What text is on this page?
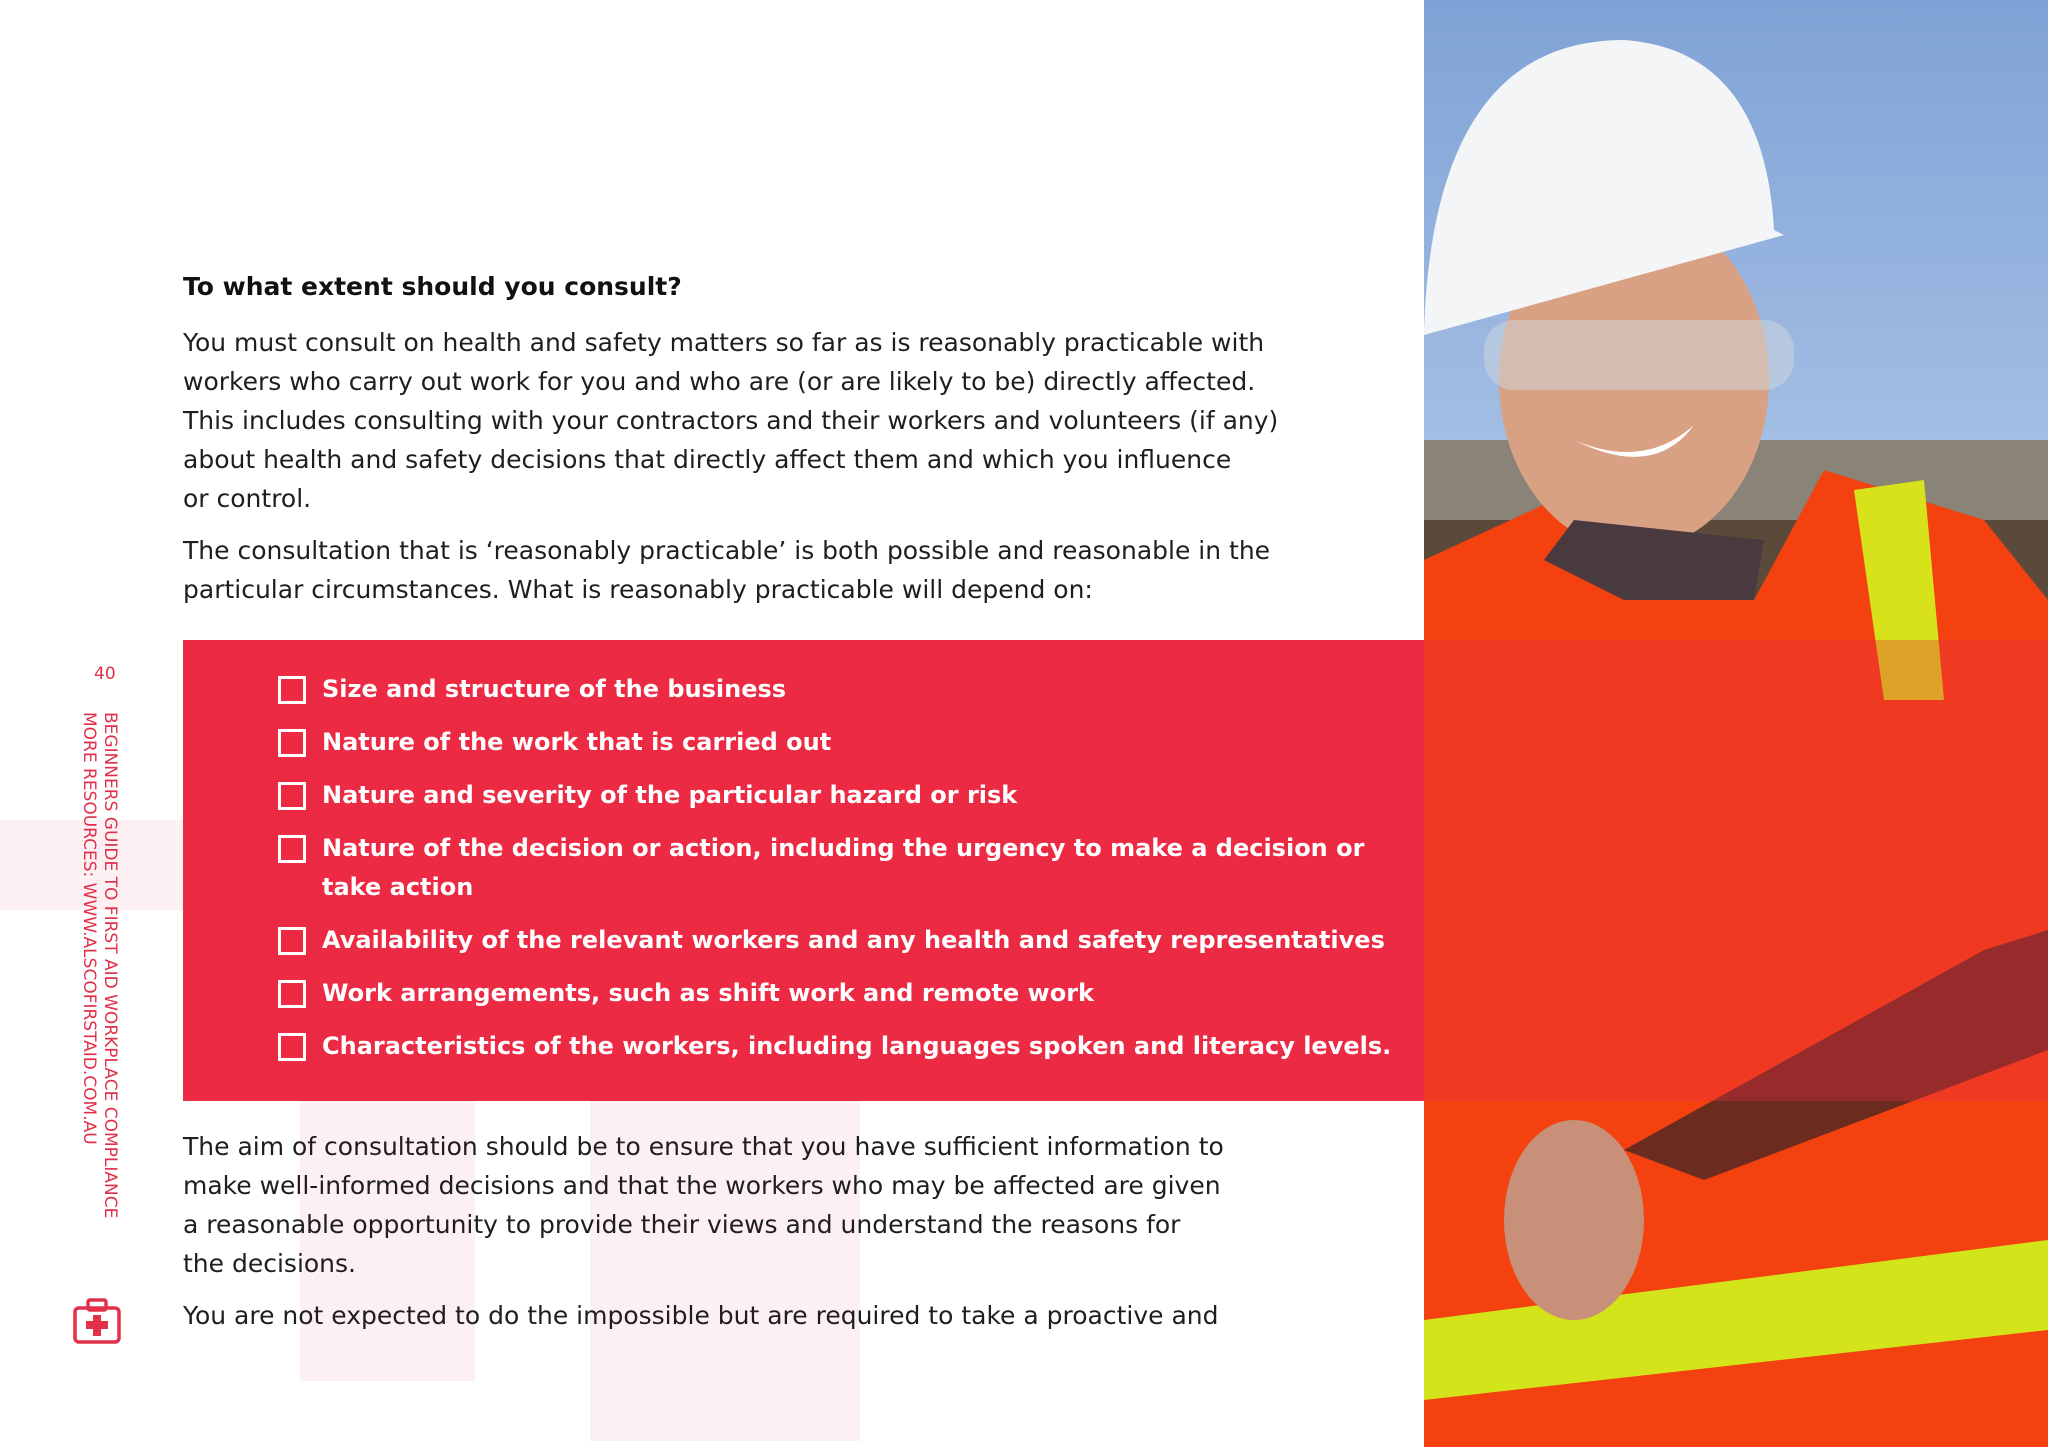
To what extent should you consult?
You must consult on health and safety matters so far as is reasonably practicable with
workers who carry out work for you and who are (or are likely to be) directly affected.
This includes consulting with your contractors and their workers and volunteers (if any)
about health and safety decisions that directly affect them and which you influence
or control.
The consultation that is ‘reasonably practicable’ is both possible and reasonable in the
particular circumstances. What is reasonably practicable will depend on:
Size and structure of the business
Nature of the work that is carried out
Nature and severity of the particular hazard or risk
Nature of the decision or action, including the urgency to make a decision or
take action
Availability of the relevant workers and any health and safety representatives
Work arrangements, such as shift work and remote work
Characteristics of the workers, including languages spoken and literacy levels.
The aim of consultation should be to ensure that you have sufficient information to
make well-informed decisions and that the workers who may be affected are given
a reasonable opportunity to provide their views and understand the reasons for
the decisions.
You are not expected to do the impossible but are required to take a proactive and
40
BEGINNERS GUIDE TO FIRST AID WORKPLACE COMPLIANCE
MORE RESOURCES: WWW.ALSCOFIRSTAID.COM.AU
